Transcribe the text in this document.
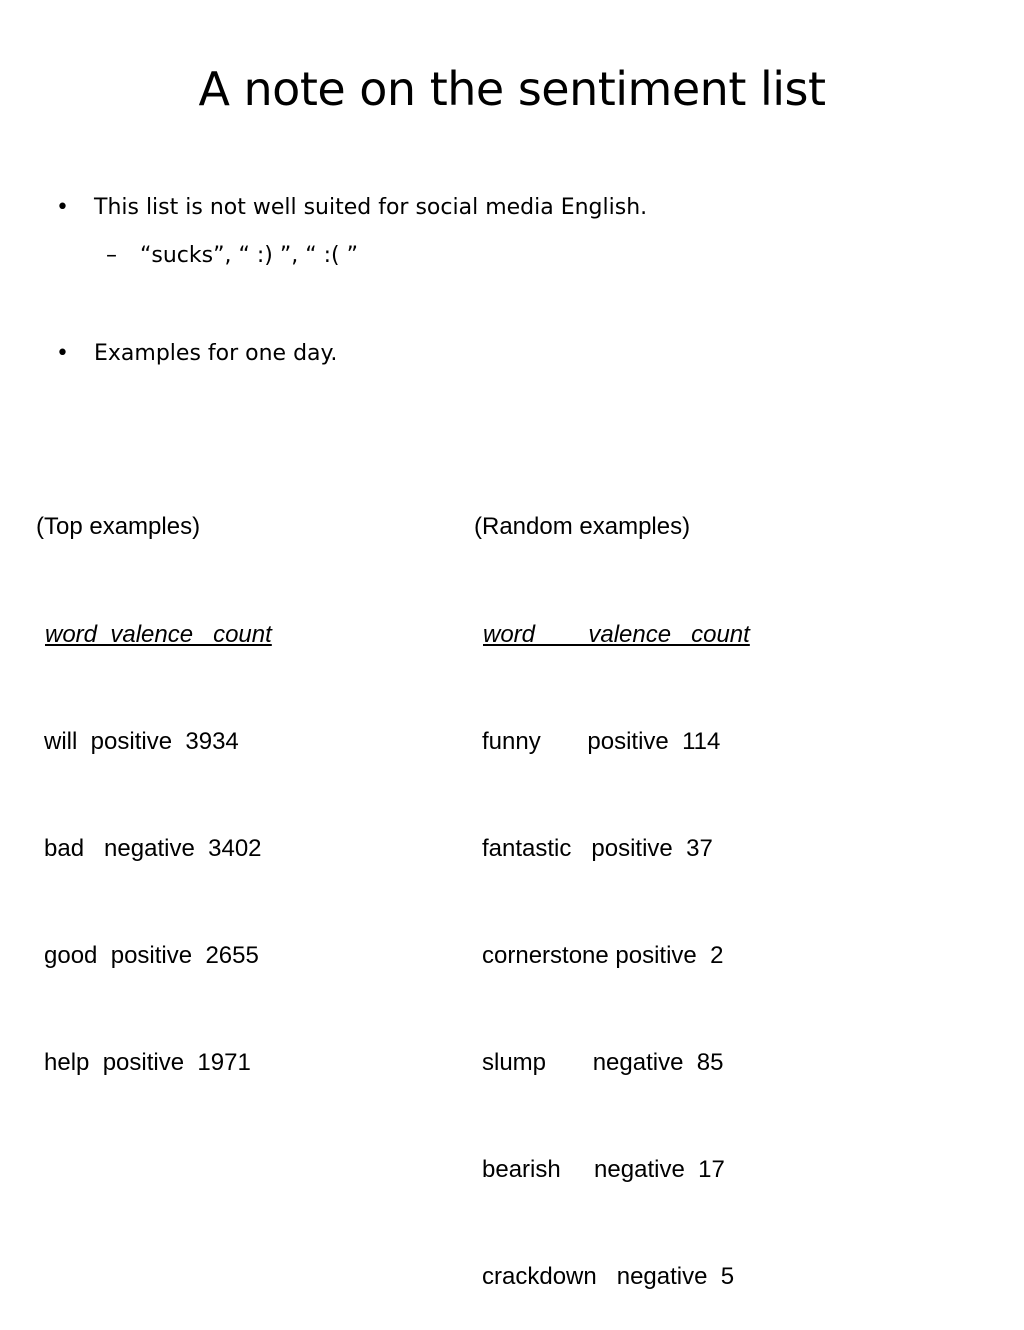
A note on the sentiment list
• This list is not well suited for social media English.
– “sucks”, “ :) ”, “ :( ”
• Examples for one day.

(Top examples)

word  valence   count

will  positive  3934

bad   negative  3402

good  positive  2655

help  positive  1971

(Random examples)

word        valence   count

funny       positive  114

fantastic   positive  37

cornerstone positive  2

slump       negative  85

bearish     negative  17

crackdown   negative  5
